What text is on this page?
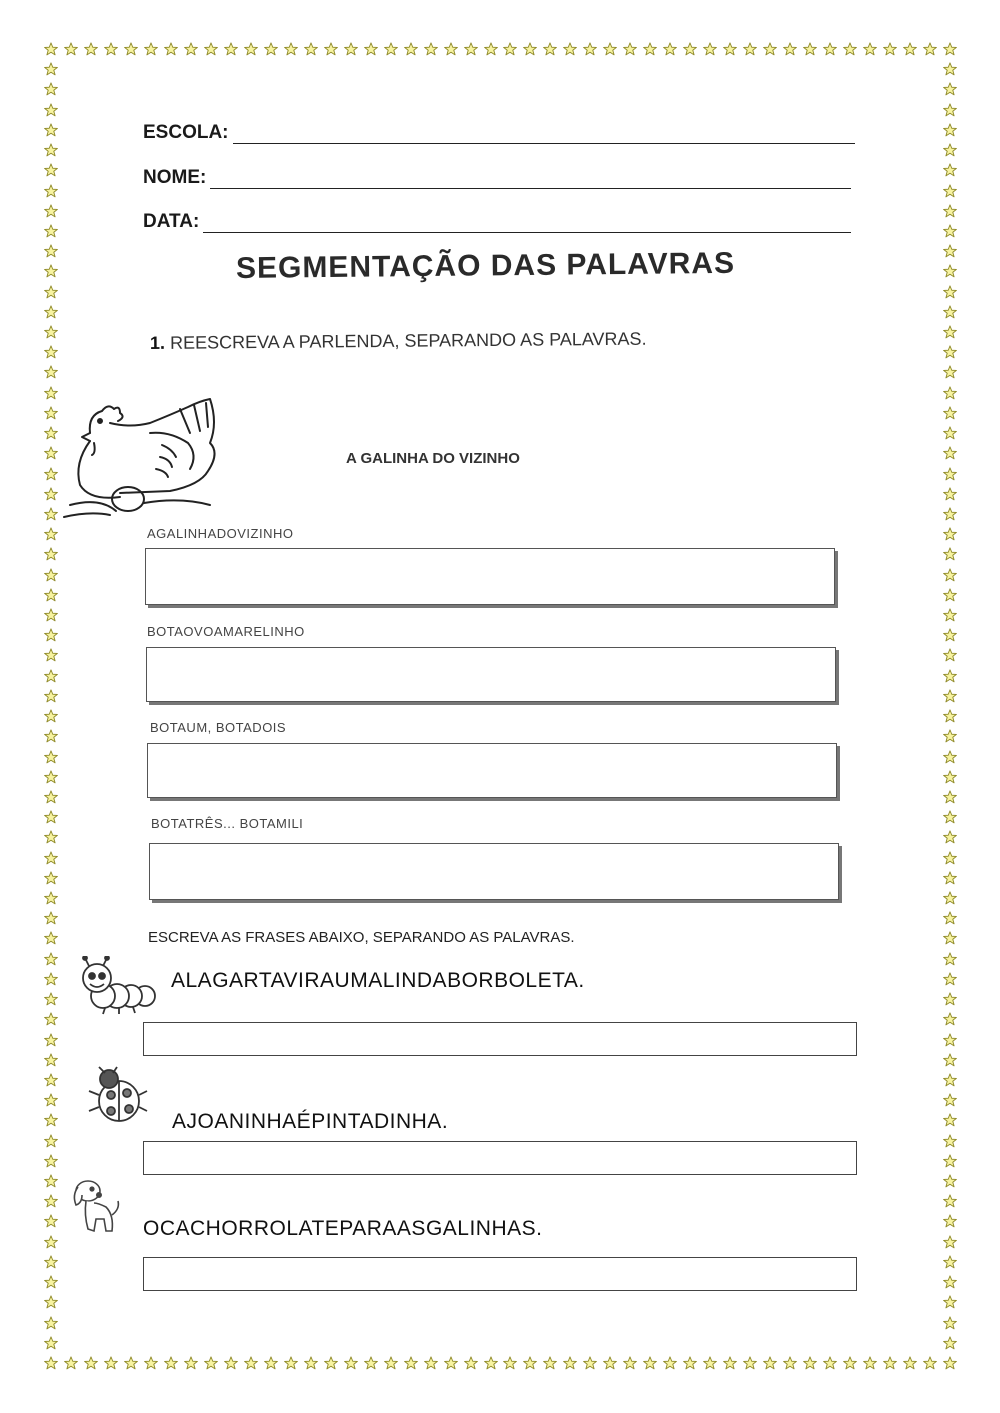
ESCOLA:
NOME:
DATA:
SEGMENTAÇÃO DAS PALAVRAS
1. REESCREVA A PARLENDA, SEPARANDO AS PALAVRAS.
A GALINHA DO VIZINHO
AGALINHADOVIZINHO
BOTAOVOAMARELINHO
BOTAUM, BOTADOIS
BOTATRÊS... BOTAMILI
ESCREVA AS FRASES ABAIXO, SEPARANDO AS PALAVRAS.
ALAGARTAVIRAUMALINDABORBOLETA.
AJOANINHAÉPINTADINHA.
OCACHORROLATEPARAASGALINHAS.
